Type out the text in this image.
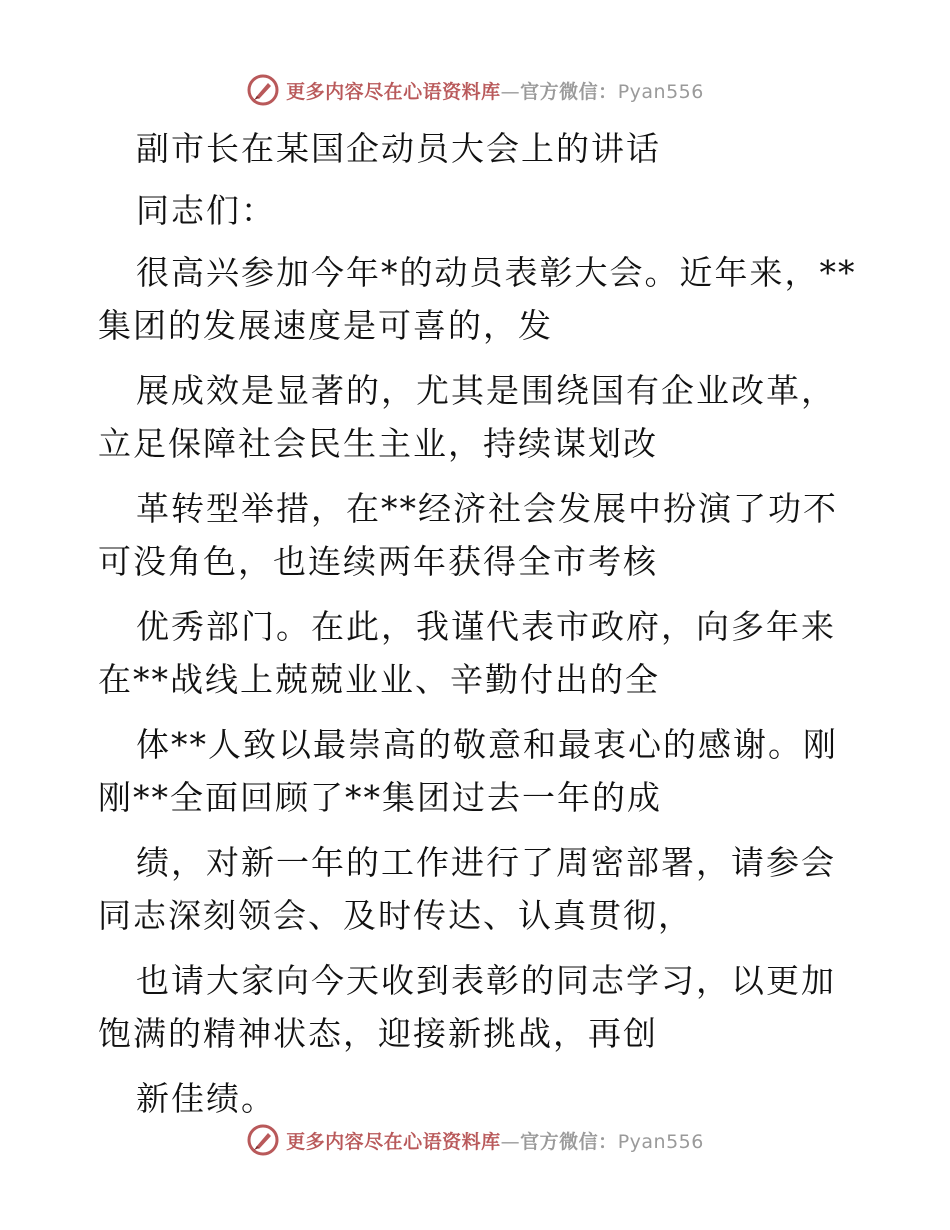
更多内容尽在心语资料库—官方微信：Pyan556

副市长在某国企动员大会上的讲话

同志们：

很高兴参加今年*的动员表彰大会。近年来，**集团的发展速度是可喜的，发

展成效是显著的，尤其是围绕国有企业改革，立足保障社会民生主业，持续谋划改

革转型举措，在**经济社会发展中扮演了功不可没角色，也连续两年获得全市考核

优秀部门。在此，我谨代表市政府，向多年来在**战线上兢兢业业、辛勤付出的全

体**人致以最崇高的敬意和最衷心的感谢。刚刚**全面回顾了**集团过去一年的成

绩，对新一年的工作进行了周密部署，请参会同志深刻领会、及时传达、认真贯彻，

也请大家向今天收到表彰的同志学习，以更加饱满的精神状态，迎接新挑战，再创

新佳绩。

更多内容尽在心语资料库—官方微信：Pyan556
